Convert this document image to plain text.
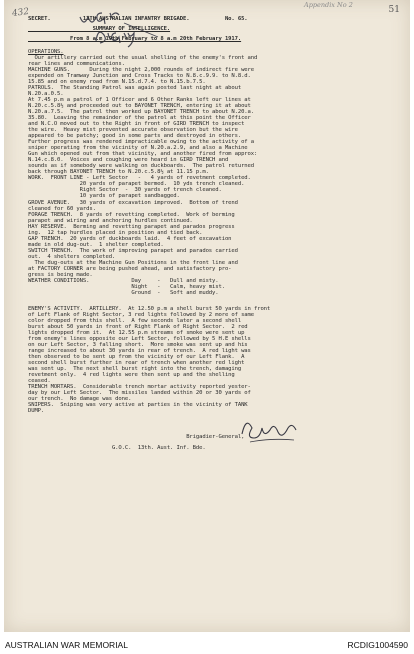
432	51
Appendix No 2
SECRET.          13TH AUSTRALIAN INFANTRY BRIGADE.           No. 65.
SUMMARY OF INTELLIGENCE.
From 8 a.m 19th February to 8 a.m 20th February 1917.
OPERATIONS.
Our artillery carried out the usual shelling of the enemy's front and
rear lines and communications.
MACHINE GUNS.      During the night 2,000 rounds of indirect fire were
expended on Tramway Junction and Cross Tracks to N.8.c.9.9. to N.8.d.
15.85 and on enemy road from N.15.d.7.4. to N.15.b.7.5.
PATROLS.  The Standing Patrol was again posted last night at about
N.20.a.0.5.
At 7.45 p.m a patrol of 1 Officer and 6 Other Ranks left our lines at
N.20.c.5.8½ and proceeded out to BAYONET TRENCH, entering it at about
N.20.a.7.5.  The patrol then worked up BAYONET TRENCH to about N.20.a.
35.80.  Leaving the remainder of the patrol at this point the Officer
and N.C.O moved out to the Right in front of GIRD TRENCH to inspect
the wire.  Heavy mist prevented accurate observation but the wire
appeared to be patchy; good in some parts and destroyed in others.
Further progress was rendered impracticable owing to the activity of a
sniper operating from the vicinity of N.20.a.2.9, and also a Machine
Gun which opened out from that vicinity, and another fired from approx:
N.14.c.8.0.  Voices and coughing were heard in GIRD TRENCH and
sounds as if somebody were walking on duckboards.  The patrol returned
back through BAYONET TRENCH to N.20.c.5.8½ at 11.15 p.m.
WORK.  FRONT LINE - Left Sector   -   4 yards of revetment completed.
20 yards of parapet bermed.  10 yds trench cleaned.
Right Sector  -  30 yards of trench cleaned.
10 yards of parapet sandbagged.
GROVE AVENUE.   30 yards of excavation improved.  Bottom of trend
cleaned for 60 yards.
FORAGE TRENCH.  8 yards of revetting completed.  Work of berming
parapet and wiring and anchoring hurdles continued.
HAY RESERVE.  Berming and revetting parapet and parados progress
ing.  12 tap hurdles placed in position and tied back.
GAP TRENCH.  20 yards of duckboards laid.  4 feet of excavation
made in old dug-out.  1 shelter completed.
SWITCH TRENCH.  The work of improving parapet and parados carried
out.  4 shelters completed.
The dug-outs at the Machine Gun Positions in the front line and
at FACTORY CORNER are being pushed ahead, and satisfactory pro-
gress is being made.
WEATHER CONDITIONS.             Day     -   Dull and misty.
Night   -   Calm, heavy mist.
Ground  -   Soft and muddy.
ENEMY'S ACTIVITY.  ARTILLERY.  At 12.50 p.m a shell burst 50 yards in front
of Left Flank of Right Sector, 3 red lights followed by 2 more of same
color dropped from this shell.  A few seconds later a second shell
burst about 50 yards in front of Right Flank of Right Sector.  2 red
lights dropped from it.  At 12.55 p.m streams of smoke were sent up
from enemy's lines opposite our Left Sector, followed by 5 H.E shells
on our Left Sector, 3 falling short.  More smoke was sent up and his
range increased to about 30 yards in rear of trench.  A red light was
then observed to be sent up from the vicinity of our Left Flank.  A
second shell burst further in rear of trench when another red light
was sent up.  The next shell burst right into the trench, damaging
revetment only.  4 red lights were then sent up and the shelling
ceased.
TRENCH MORTARS.  Considerable trench mortar activity reported yester-
day by our Left Sector.  The missiles landed within 20 or 30 yards of
our trench.  No damage was done.
SNIPERS.  Sniping was very active at parties in the vicinity of TANK
DUMP.
Brigadier-General,
G.O.C.  13th. Aust. Inf. Bde.
AUSTRALIAN WAR MEMORIAL	RCDIG1004590
